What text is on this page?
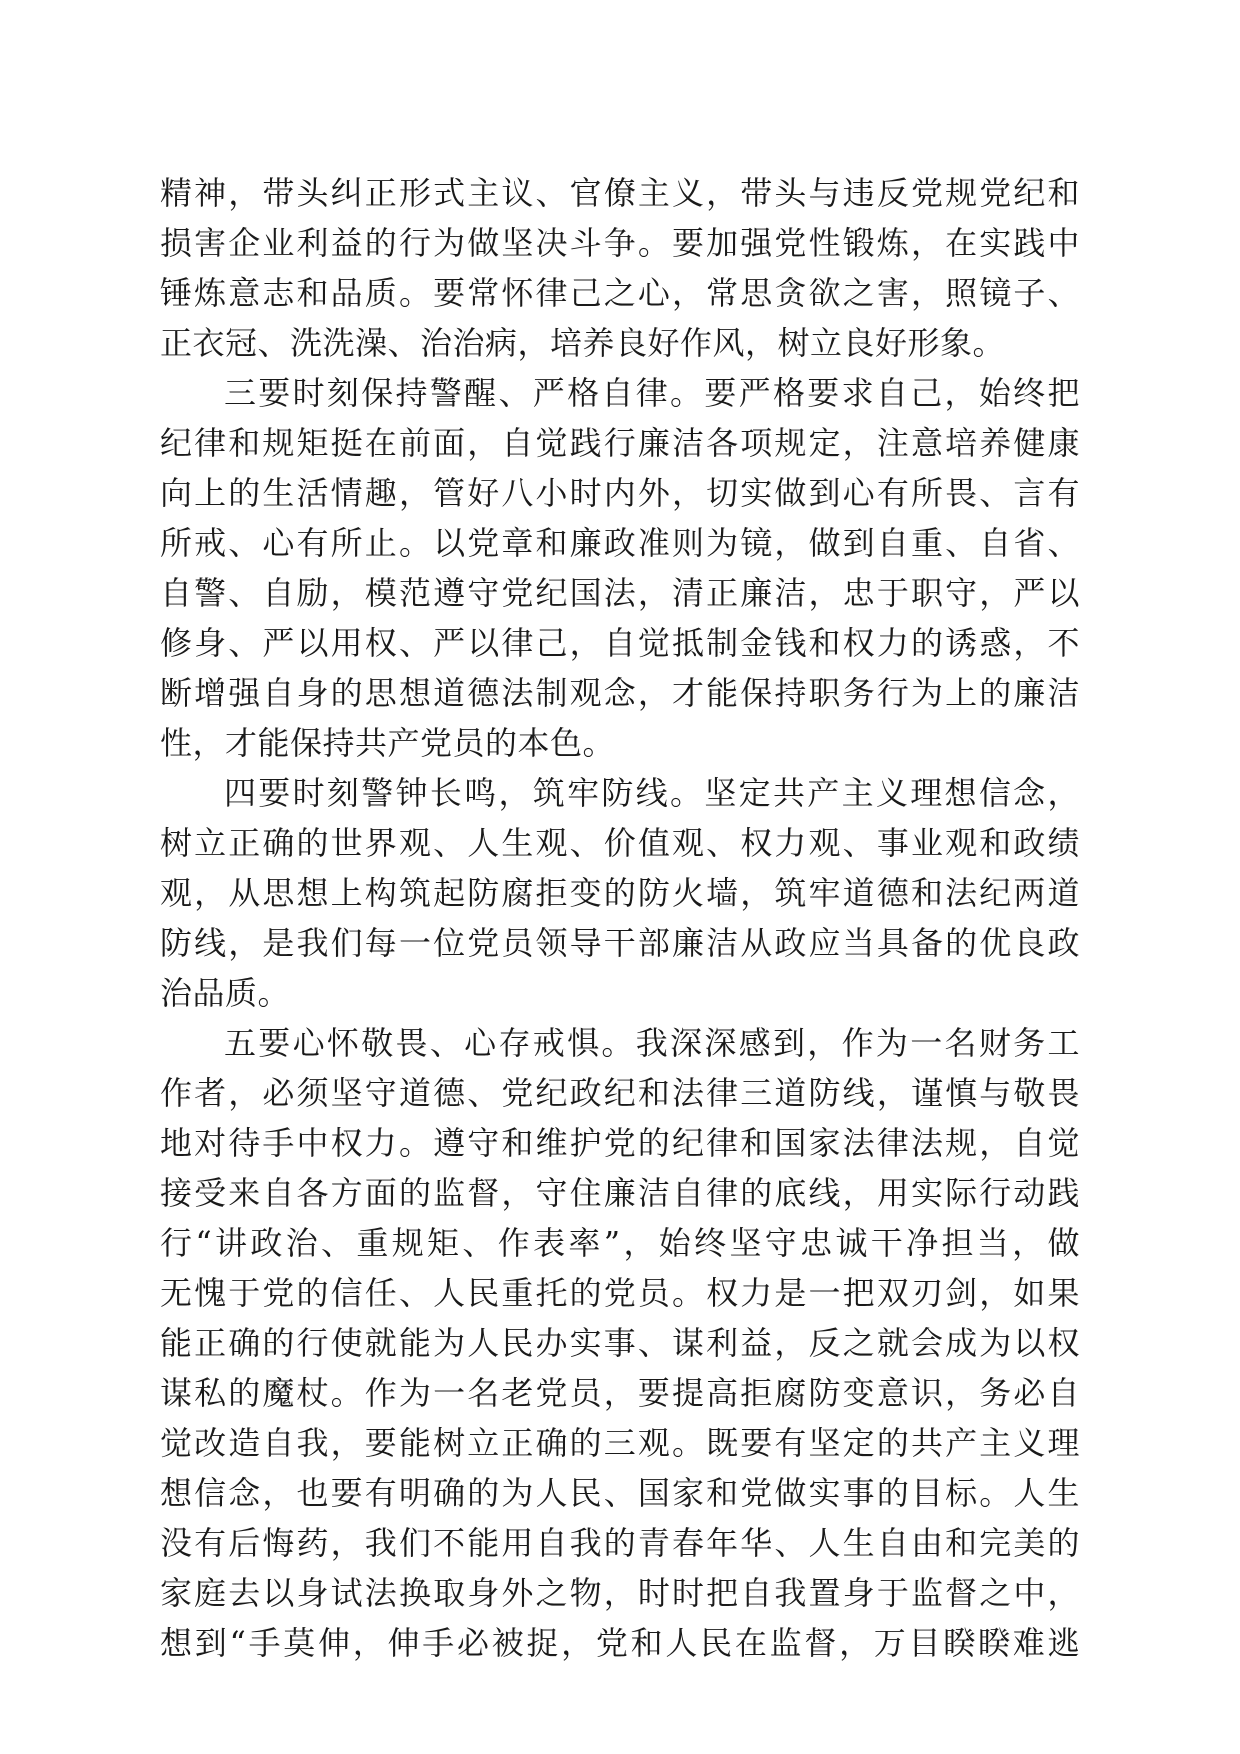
精神，带头纠正形式主议、官僚主义，带头与违反党规党纪和
损害企业利益的行为做坚决斗争。要加强党性锻炼，在实践中
锤炼意志和品质。要常怀律己之心，常思贪欲之害，照镜子、
正衣冠、洗洗澡、治治病，培养良好作风，树立良好形象。
三要时刻保持警醒、严格自律。要严格要求自己，始终把
纪律和规矩挺在前面，自觉践行廉洁各项规定，注意培养健康
向上的生活情趣，管好八小时内外，切实做到心有所畏、言有
所戒、心有所止。以党章和廉政准则为镜，做到自重、自省、
自警、自励，模范遵守党纪国法，清正廉洁，忠于职守，严以
修身、严以用权、严以律己，自觉抵制金钱和权力的诱惑，不
断增强自身的思想道德法制观念，才能保持职务行为上的廉洁
性，才能保持共产党员的本色。
四要时刻警钟长鸣，筑牢防线。坚定共产主义理想信念，
树立正确的世界观、人生观、价值观、权力观、事业观和政绩
观，从思想上构筑起防腐拒变的防火墙，筑牢道德和法纪两道
防线，是我们每一位党员领导干部廉洁从政应当具备的优良政
治品质。
五要心怀敬畏、心存戒惧。我深深感到，作为一名财务工
作者，必须坚守道德、党纪政纪和法律三道防线，谨慎与敬畏
地对待手中权力。遵守和维护党的纪律和国家法律法规，自觉
接受来自各方面的监督，守住廉洁自律的底线，用实际行动践
行“讲政治、重规矩、作表率”，始终坚守忠诚干净担当，做
无愧于党的信任、人民重托的党员。权力是一把双刃剑，如果
能正确的行使就能为人民办实事、谋利益，反之就会成为以权
谋私的魔杖。作为一名老党员，要提高拒腐防变意识，务必自
觉改造自我，要能树立正确的三观。既要有坚定的共产主义理
想信念，也要有明确的为人民、国家和党做实事的目标。人生
没有后悔药，我们不能用自我的青春年华、人生自由和完美的
家庭去以身试法换取身外之物，时时把自我置身于监督之中，
想到“手莫伸，伸手必被捉，党和人民在监督，万目睽睽难逃
